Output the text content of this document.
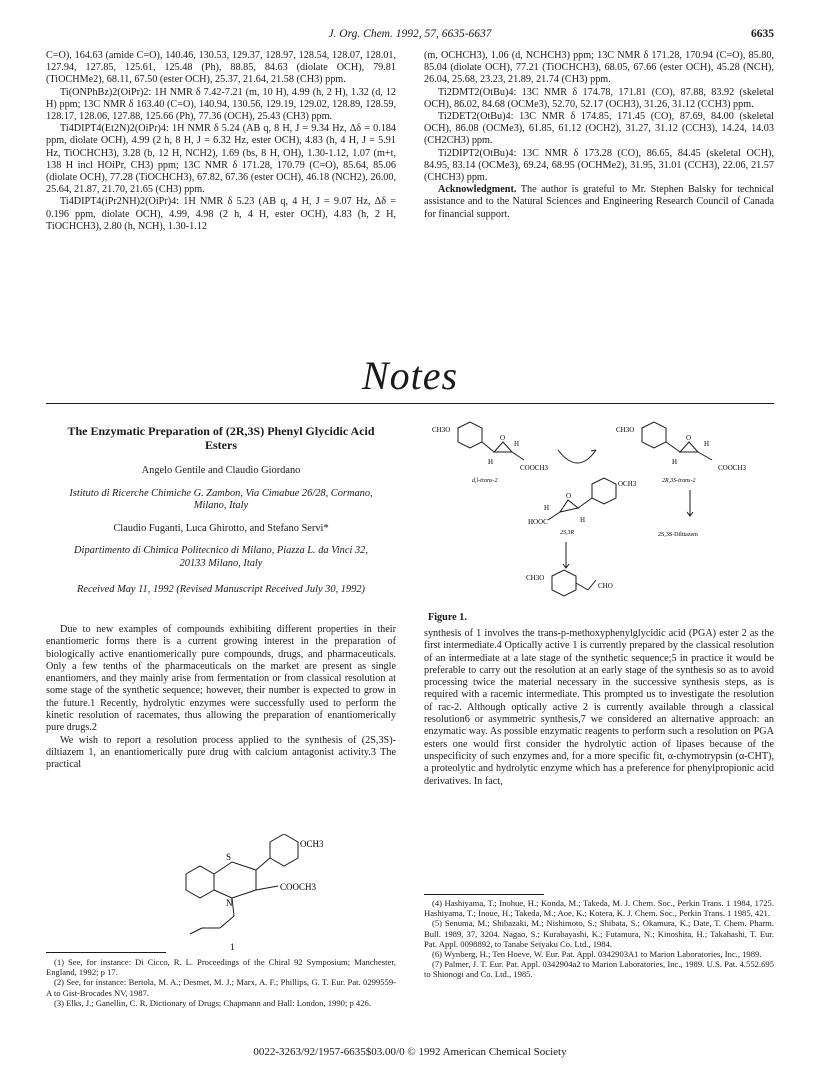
J. Org. Chem. 1992, 57, 6635-6637	6635

C=O), 164.63 (amide C=O), 140.46, 130.53, 129.37, 128.97, 128.54, 128.07, 128.01, 127.94, 127.85, 125.61, 125.48 (Ph), 88.85, 84.63 (diolate OCH), 79.81 (TiOCHMe2), 68.11, 67.50 (ester OCH), 25.37, 21.64, 21.58 (CH3) ppm.

Ti(ONPhBz)2(OiPr)2: 1H NMR δ 7.42-7.21 (m, 10 H), 4.99 (h, 2 H), 1.32 (d, 12 H) ppm; 13C NMR δ 163.40 (C=O), 140.94, 130.56, 129.19, 129.02, 128.89, 128.59, 128.17, 128.06, 127.88, 125.66 (Ph), 77.36 (OCH), 25.43 (CH3) ppm.

Ti4DIPT4(Et2N)2(OiPr)4: 1H NMR δ 5.24 (AB q, 8 H, J = 9.34 Hz, Δδ = 0.184 ppm, diolate OCH), 4.99 (2 h, 8 H, J = 6.32 Hz, ester OCH), 4.83 (h, 4 H, J = 5.91 Hz, TiOCHCH3), 3.28 (b, 12 H, NCH2), 1.69 (bs, 8 H, OH), 1.30-1.12, 1.07 (m+t, 138 H incl HOiPr, CH3) ppm; 13C NMR δ 171.28, 170.79 (C=O), 85.64, 85.06 (diolate OCH), 77.28 (TiOCHCH3), 67.82, 67.36 (ester OCH), 46.18 (NCH2), 26.00, 25.64, 21.87, 21.70, 21.65 (CH3) ppm.

Ti4DIPT4(iPr2NH)2(OiPr)4: 1H NMR δ 5.23 (AB q, 4 H, J = 9.07 Hz, Δδ = 0.196 ppm, diolate OCH), 4.99, 4.98 (2 h, 4 H, ester OCH), 4.83 (h, 2 H, TiOCHCH3), 2.80 (h, NCH), 1.30-1.12

(m, OCHCH3), 1.06 (d, NCHCH3) ppm; 13C NMR δ 171.28, 170.94 (C=O), 85.80, 85.04 (diolate OCH), 77.21 (TiOCHCH3), 68.05, 67.66 (ester OCH), 45.28 (NCH), 26.04, 25.68, 23.23, 21.89, 21.74 (CH3) ppm.

Ti2DMT2(OtBu)4: 13C NMR δ 174.78, 171.81 (CO), 87.88, 83.92 (skeletal OCH), 86.02, 84.68 (OCMe3), 52.70, 52.17 (OCH3), 31.26, 31.12 (CCH3) ppm.

Ti2DET2(OtBu)4: 13C NMR δ 174.85, 171.45 (CO), 87.69, 84.00 (skeletal OCH), 86.08 (OCMe3), 61.85, 61.12 (OCH2), 31.27, 31.12 (CCH3), 14.24, 14.03 (CH2CH3) ppm.

Ti2DIPT2(OtBu)4: 13C NMR δ 173.28 (CO), 86.65, 84.45 (skeletal OCH), 84.95, 83.14 (OCMe3), 69.24, 68.95 (OCHMe2), 31.95, 31.01 (CCH3), 22.06, 21.57 (CHCH3) ppm.

Acknowledgment. The author is grateful to Mr. Stephen Balsky for technical assistance and to the Natural Sciences and Engineering Research Council of Canada for financial support.

Notes
The Enzymatic Preparation of (2R,3S) Phenyl Glycidic Acid Esters
Angelo Gentile and Claudio Giordano
Istituto di Ricerche Chimiche G. Zambon, Via Cimabue 26/28, Cormano, Milano, Italy
Claudio Fuganti, Luca Ghirotto, and Stefano Servi*
Dipartimento di Chimica Politecnico di Milano, Piazza L. da Vinci 32, 20133 Milano, Italy
Received May 11, 1992 (Revised Manuscript Received July 30, 1992)

Due to new examples of compounds exhibiting different properties in their enantiomeric forms there is a current growing interest in the preparation of biologically active enantiomerically pure compounds, drugs, and pharmaceuticals. Only a few tenths of the pharmaceuticals on the market are present as single enantiomers, and they mainly arise from fermentation or from classical resolution at some stage of the synthetic sequence; however, their number is expected to grow in the future.1 Recently, hydrolytic enzymes were successfully used to perform the kinetic resolution of racemates, thus allowing the preparation of enantiomerically pure drugs.2

We wish to report a resolution process applied to the synthesis of (2S,3S)-diltiazem 1, an enantiomerically pure drug with calcium antagonist activity.3 The practical

OCH3
S
N
COOCH3
1

(1) See, for instance: Di Cicco, R. L. Proceedings of the Chiral 92 Symposium; Manchester, England, 1992; p 17.

(2) See, for instance: Bertola, M. A.; Desmet, M. J.; Marx, A. F.; Phillips, G. T. Eur. Pat. 0299559-A to Gist-Brocades NV, 1987.

(3) Elks, J.; Ganellin, C. R. Dictionary of Drugs; Chapmann and Hall: London, 1990; p 426.

CH3O
O
H
H
COOCH3
d,l-trans-2
CH3O
O
H
H
COOCH3
2R,3S-trans-2
OCH3
H
O
H
HOOC
2S,3R	2S,3S-Diltiazem
CH3O
CHO
Figure 1.

synthesis of 1 involves the trans-p-methoxyphenylglycidic acid (PGA) ester 2 as the first intermediate.4 Optically active 1 is currently prepared by the classical resolution of an intermediate at a late stage of the synthetic sequence;5 in practice it would be preferable to carry out the resolution at an early stage of the synthesis so as to avoid processing twice the material necessary in the successive synthesis steps, as is required with a racemic intermediate. This prompted us to investigate the resolution of rac-2. Although optically active 2 is currently available through a classical resolution6 or asymmetric synthesis,7 we considered an alternative approach: an enzymatic way. As possible enzymatic reagents to perform such a resolution on PGA esters one would first consider the hydrolytic action of lipases because of the unspecificity of such enzymes and, for a more specific fit, α-chymotrypsin (α-CHT), a proteolytic and hydrolytic enzyme which has a preference for phenylpropionic acid derivatives. In fact,

(4) Hashiyama, T.; Inohue, H.; Konda, M.; Takeda, M. J. Chem. Soc., Perkin Trans. 1 1984, 1725. Hashiyama, T.; Inoue, H.; Takeda, M.; Aoe, K.; Kotera, K. J. Chem. Soc., Perkin Trans. 1 1985, 421.

(5) Senuma, M.; Shibazaki, M.; Nishimoto, S.; Shibata, S.; Okamura, K.; Date, T. Chem. Pharm. Bull. 1989, 37, 3204. Nagao, S.; Kurabayashi, K.; Futamura, N.; Kinoshita, H.; Takahashi, T. Eur. Pat. Appl. 0098892, to Tanabe Seiyaku Co. Ltd., 1984.

(6) Wynberg, H.; Ten Hoeve, W. Eur. Pat. Appl. 0342903A1 to Marion Laboratories, Inc., 1989.

(7) Palmer, J. T. Eur. Pat. Appl. 0342904a2 to Marion Laboratories, Inc., 1989. U.S. Pat. 4.552.695 to Shionogi and Co. Ltd., 1985.

0022-3263/92/1957-6635$03.00/0 © 1992 American Chemical Society
